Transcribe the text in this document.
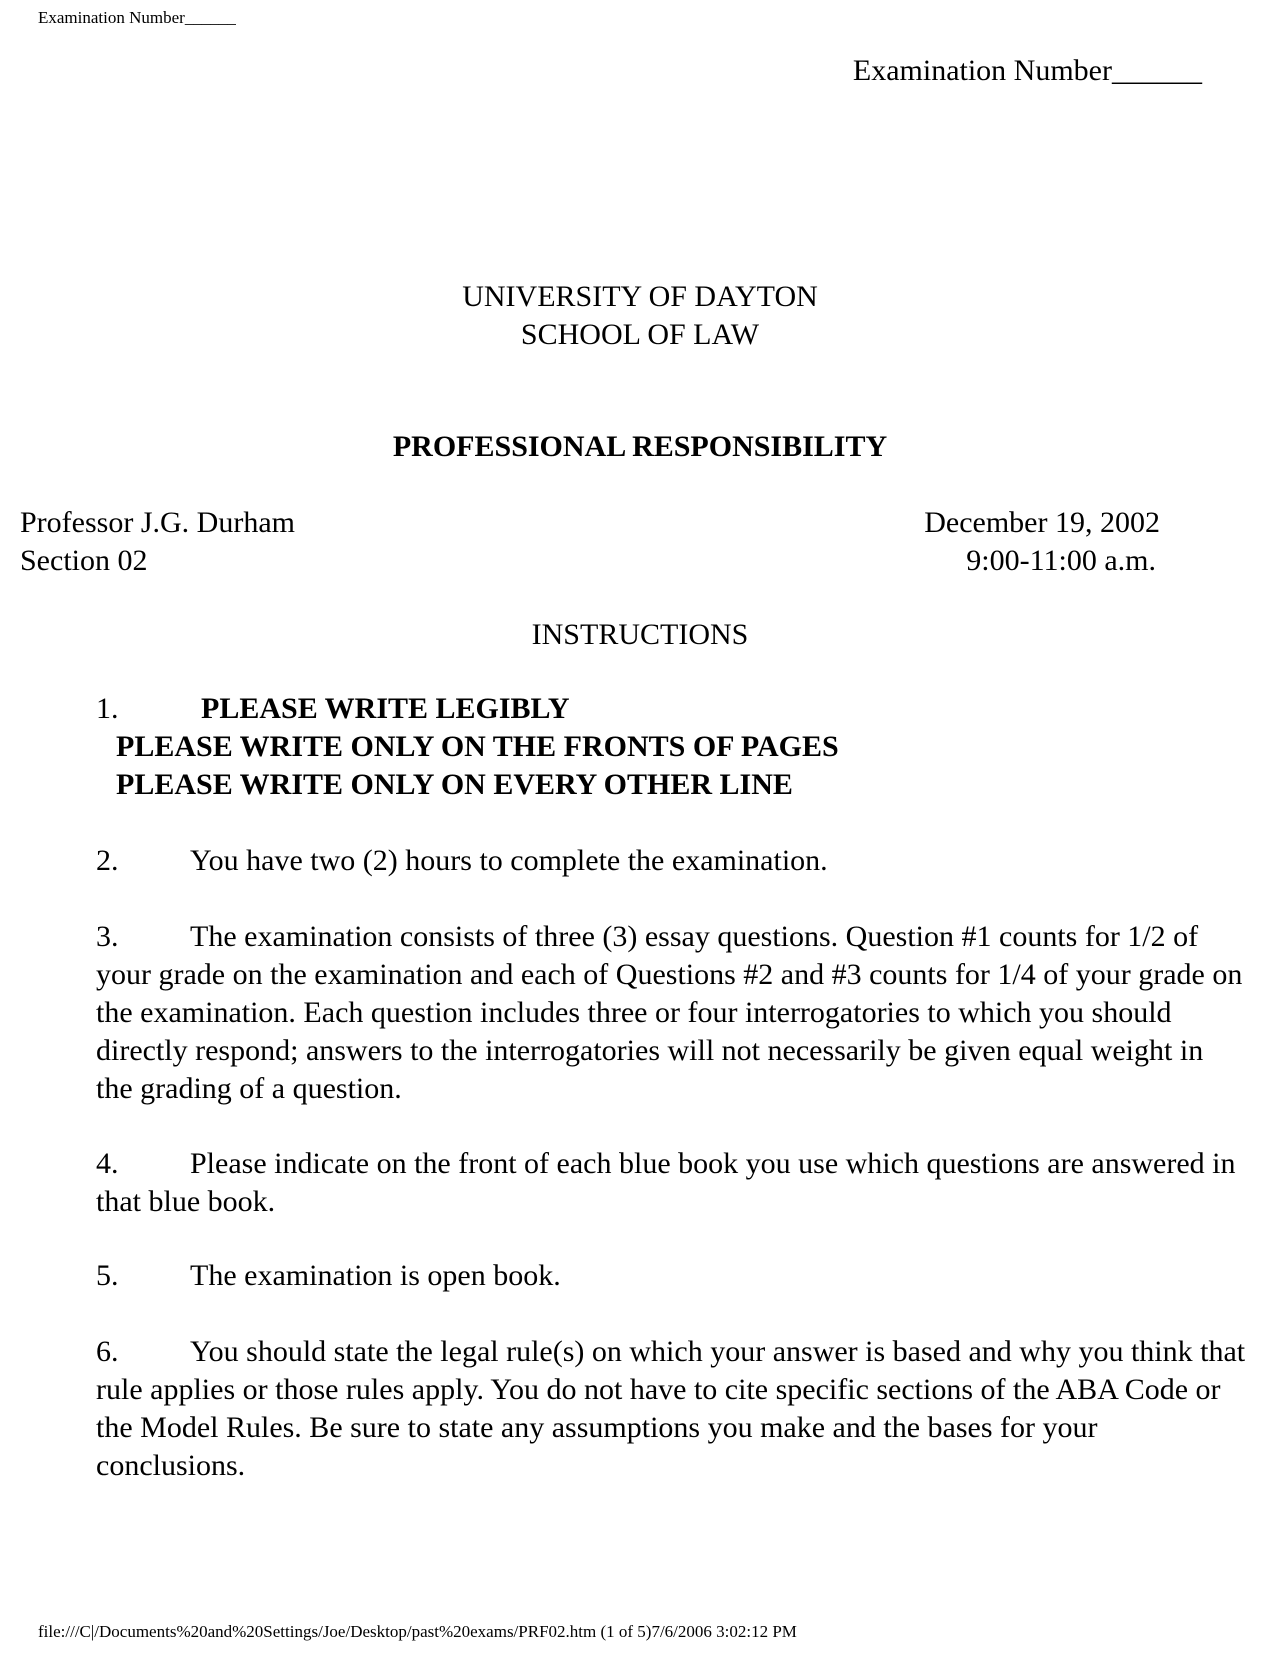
Examination Number______
Examination Number______
UNIVERSITY OF DAYTON
SCHOOL OF LAW
PROFESSIONAL RESPONSIBILITY
Professor J.G. Durham
Section 02
December 19, 2002
9:00-11:00 a.m.
INSTRUCTIONS

1.	PLEASE WRITE LEGIBLY

PLEASE WRITE ONLY ON THE FRONTS OF PAGES

PLEASE WRITE ONLY ON EVERY OTHER LINE

2. You have two (2) hours to complete the examination.

3. The examination consists of three (3) essay questions. Question #1 counts for 1/2 of your grade on the examination and each of Questions #2 and #3 counts for 1/4 of your grade on the examination. Each question includes three or four interrogatories to which you should directly respond; answers to the interrogatories will not necessarily be given equal weight in the grading of a question.

4. Please indicate on the front of each blue book you use which questions are answered in that blue book.

5. The examination is open book.

6. You should state the legal rule(s) on which your answer is based and why you think that rule applies or those rules apply. You do not have to cite specific sections of the ABA Code or the Model Rules. Be sure to state any assumptions you make and the bases for your conclusions.

file:///C|/Documents%20and%20Settings/Joe/Desktop/past%20exams/PRF02.htm (1 of 5)7/6/2006 3:02:12 PM
